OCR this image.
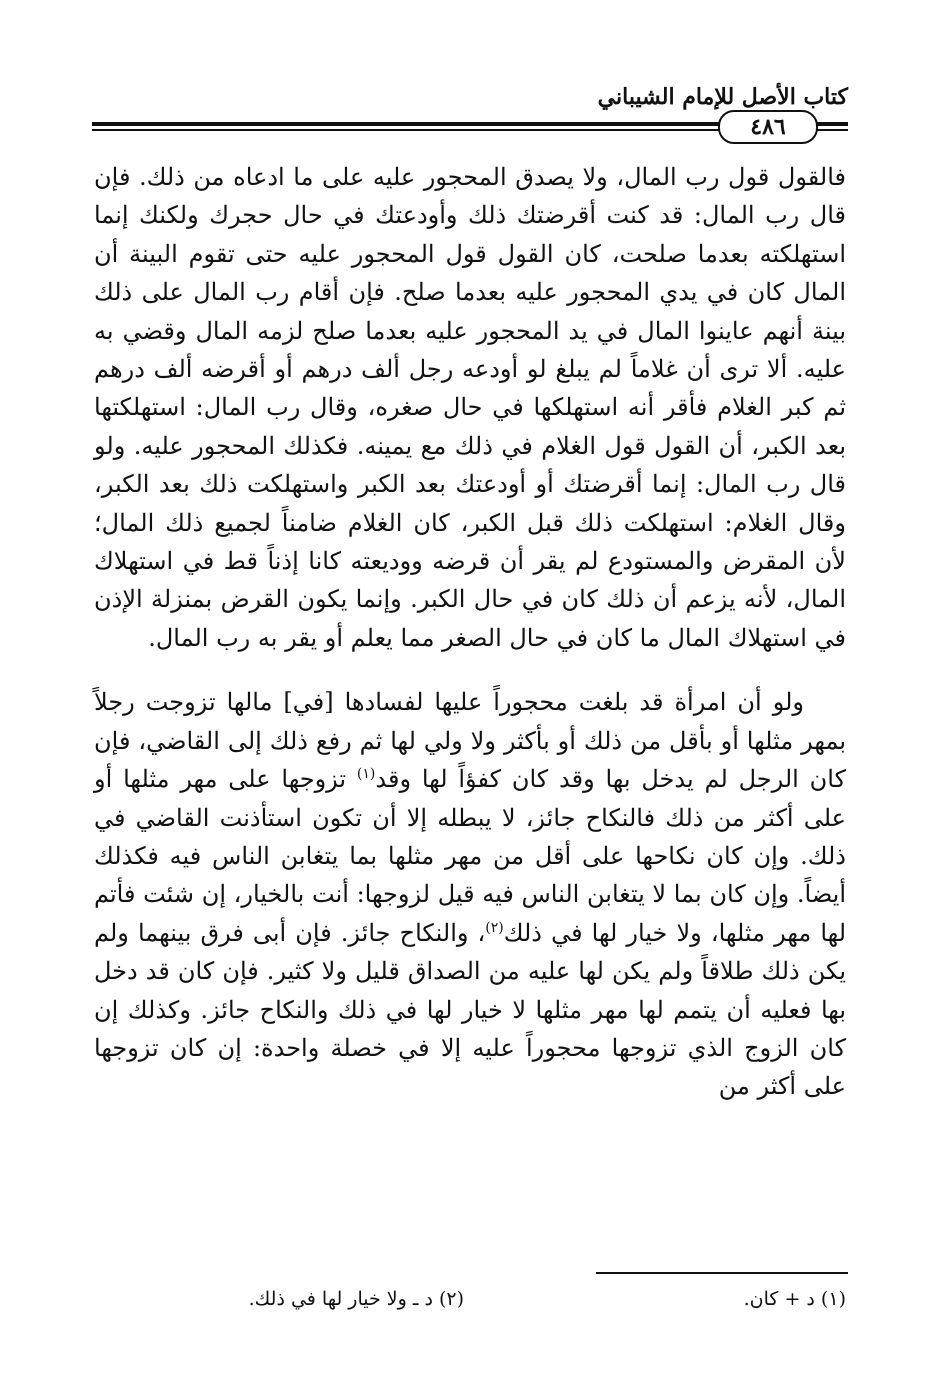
كتاب الأصل للإمام الشيباني
٤٨٦

فالقول قول رب المال، ولا يصدق المحجور عليه على ما ادعاه من ذلك. فإن قال رب المال: قد كنت أقرضتك ذلك وأودعتك في حال حجرك ولكنك إنما استهلكته بعدما صلحت، كان القول قول المحجور عليه حتى تقوم البينة أن المال كان في يدي المحجور عليه بعدما صلح. فإن أقام رب المال على ذلك بينة أنهم عاينوا المال في يد المحجور عليه بعدما صلح لزمه المال وقضي به عليه. ألا ترى أن غلاماً لم يبلغ لو أودعه رجل ألف درهم أو أقرضه ألف درهم ثم كبر الغلام فأقر أنه استهلكها في حال صغره، وقال رب المال: استهلكتها بعد الكبر، أن القول قول الغلام في ذلك مع يمينه. فكذلك المحجور عليه. ولو قال رب المال: إنما أقرضتك أو أودعتك بعد الكبر واستهلكت ذلك بعد الكبر، وقال الغلام: استهلكت ذلك قبل الكبر، كان الغلام ضامناً لجميع ذلك المال؛ لأن المقرض والمستودع لم يقر أن قرضه ووديعته كانا إذناً قط في استهلاك المال، لأنه يزعم أن ذلك كان في حال الكبر. وإنما يكون القرض بمنزلة الإذن في استهلاك المال ما كان في حال الصغر مما يعلم أو يقر به رب المال.

ولو أن امرأة قد بلغت محجوراً عليها لفسادها [في] مالها تزوجت رجلاً بمهر مثلها أو بأقل من ذلك أو بأكثر ولا ولي لها ثم رفع ذلك إلى القاضي، فإن كان الرجل لم يدخل بها وقد كان كفؤاً لها وقد$^{(١)}$ تزوجها على مهر مثلها أو على أكثر من ذلك فالنكاح جائز، لا يبطله إلا أن تكون استأذنت القاضي في ذلك. وإن كان نكاحها على أقل من مهر مثلها بما يتغابن الناس فيه فكذلك أيضاً. وإن كان بما لا يتغابن الناس فيه قيل لزوجها: أنت بالخيار، إن شئت فأتم لها مهر مثلها، ولا خيار لها في ذلك$^{(٢)}$، والنكاح جائز. فإن أبى فرق بينهما ولم يكن ذلك طلاقاً ولم يكن لها عليه من الصداق قليل ولا كثير. فإن كان قد دخل بها فعليه أن يتمم لها مهر مثلها لا خيار لها في ذلك والنكاح جائز. وكذلك إن كان الزوج الذي تزوجها محجوراً عليه إلا في خصلة واحدة: إن كان تزوجها على أكثر من

(١) د + كان.
(٢) د ـ ولا خيار لها في ذلك.
